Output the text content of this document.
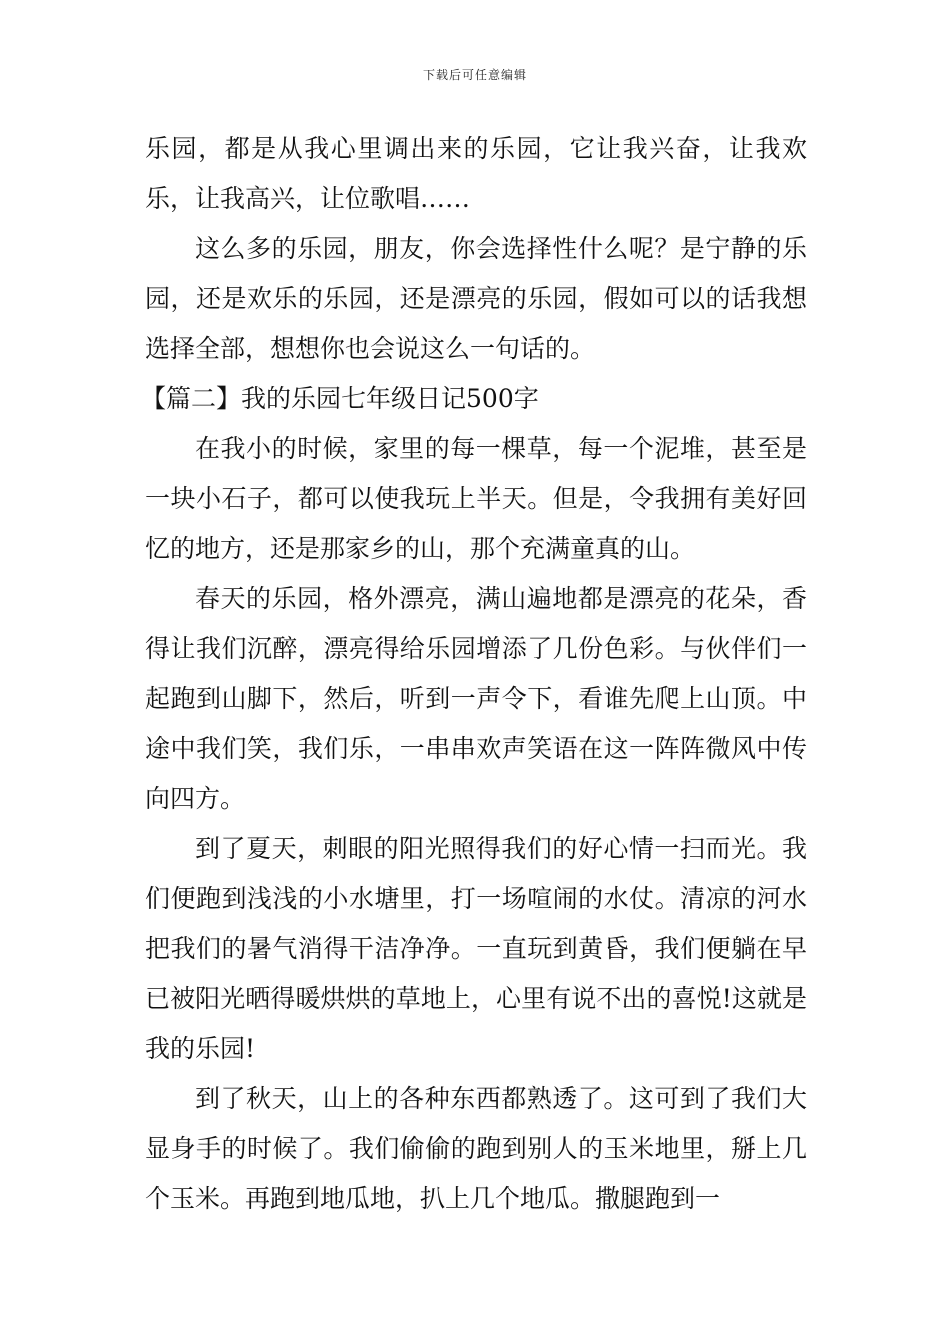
下载后可任意编辑

乐园，都是从我心里调出来的乐园，它让我兴奋，让我欢乐，让我高兴，让位歌唱……

这么多的乐园，朋友，你会选择性什么呢？是宁静的乐园，还是欢乐的乐园，还是漂亮的乐园，假如可以的话我想选择全部，想想你也会说这么一句话的。

【篇二】我的乐园七年级日记500字

在我小的时候，家里的每一棵草，每一个泥堆，甚至是一块小石子，都可以使我玩上半天。但是，令我拥有美好回忆的地方，还是那家乡的山，那个充满童真的山。

春天的乐园，格外漂亮，满山遍地都是漂亮的花朵，香得让我们沉醉，漂亮得给乐园增添了几份色彩。与伙伴们一起跑到山脚下，然后，听到一声令下，看谁先爬上山顶。中途中我们笑，我们乐，一串串欢声笑语在这一阵阵微风中传向四方。

到了夏天，刺眼的阳光照得我们的好心情一扫而光。我们便跑到浅浅的小水塘里，打一场喧闹的水仗。清凉的河水把我们的暑气消得干洁净净。一直玩到黄昏，我们便躺在早已被阳光晒得暖烘烘的草地上，心里有说不出的喜悦!这就是我的乐园!

到了秋天，山上的各种东西都熟透了。这可到了我们大显身手的时候了。我们偷偷的跑到别人的玉米地里，掰上几个玉米。再跑到地瓜地，扒上几个地瓜。撒腿跑到一
